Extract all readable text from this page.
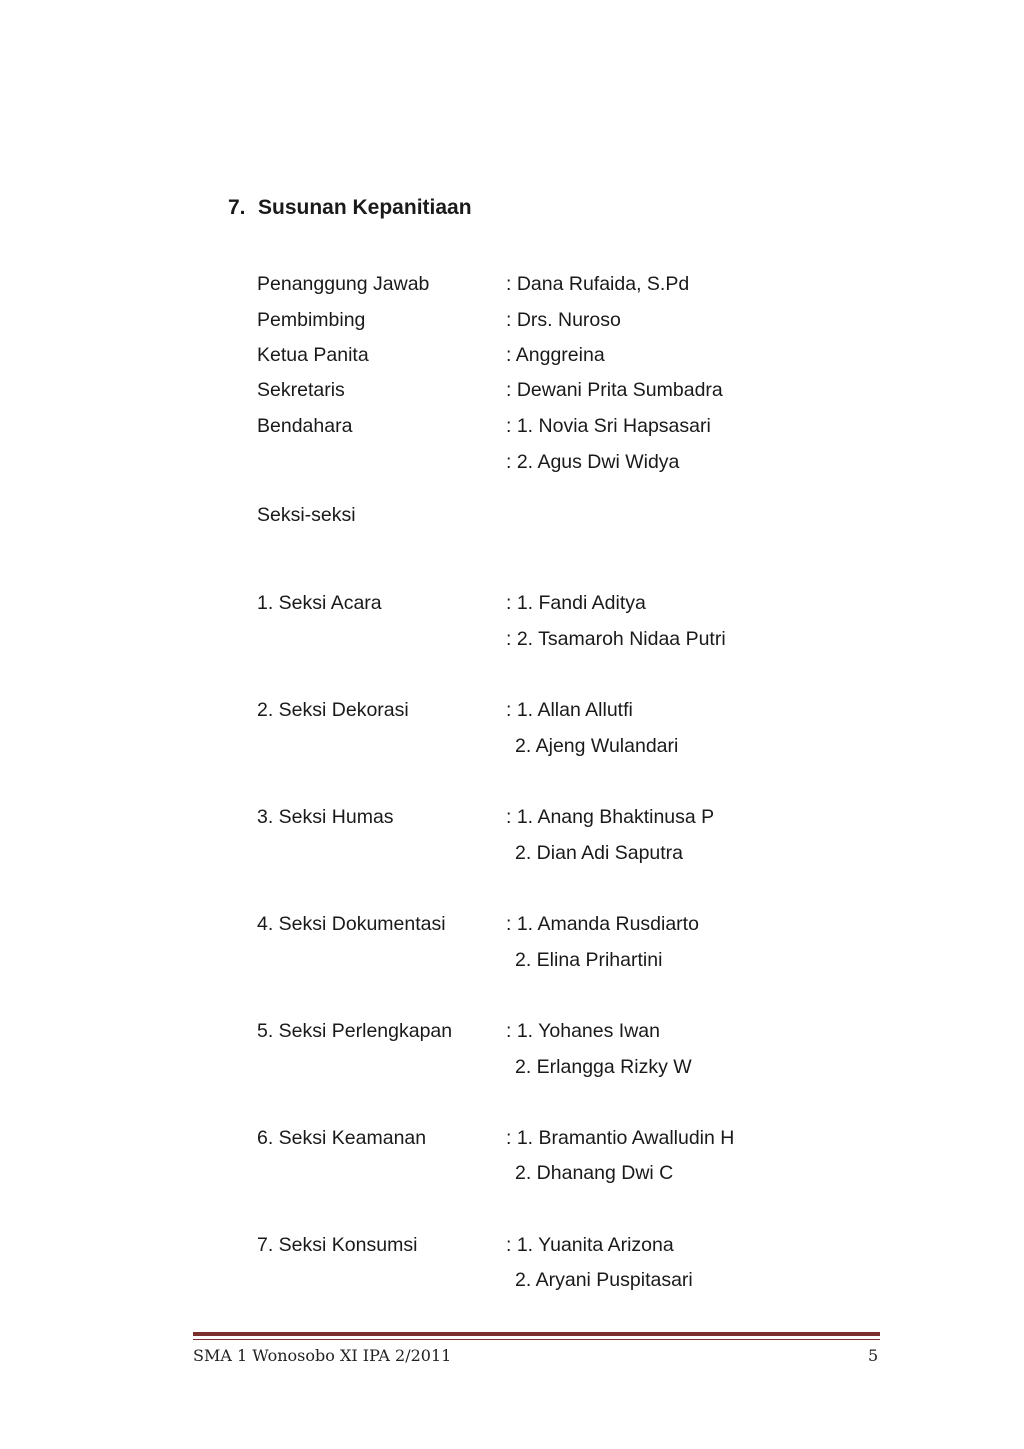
7. Susunan Kepanitiaan
Penanggung Jawab	: Dana Rufaida, S.Pd
Pembimbing	: Drs. Nuroso
Ketua Panita	: Anggreina
Sekretaris	: Dewani Prita Sumbadra
Bendahara	: 1. Novia Sri Hapsasari
: 2. Agus Dwi Widya
Seksi-seksi
1. Seksi Acara	: 1. Fandi Aditya
: 2. Tsamaroh Nidaa Putri
2. Seksi Dekorasi	: 1. Allan Allutfi
2. Ajeng Wulandari
3. Seksi Humas	: 1. Anang Bhaktinusa P
2. Dian Adi Saputra
4. Seksi Dokumentasi	: 1. Amanda Rusdiarto
2. Elina Prihartini
5. Seksi Perlengkapan	: 1. Yohanes Iwan
2. Erlangga Rizky W
6. Seksi Keamanan	: 1. Bramantio Awalludin H
2. Dhanang Dwi C
7. Seksi Konsumsi	: 1. Yuanita Arizona
2. Aryani Puspitasari
SMA 1 Wonosobo XI IPA 2/2011	5
